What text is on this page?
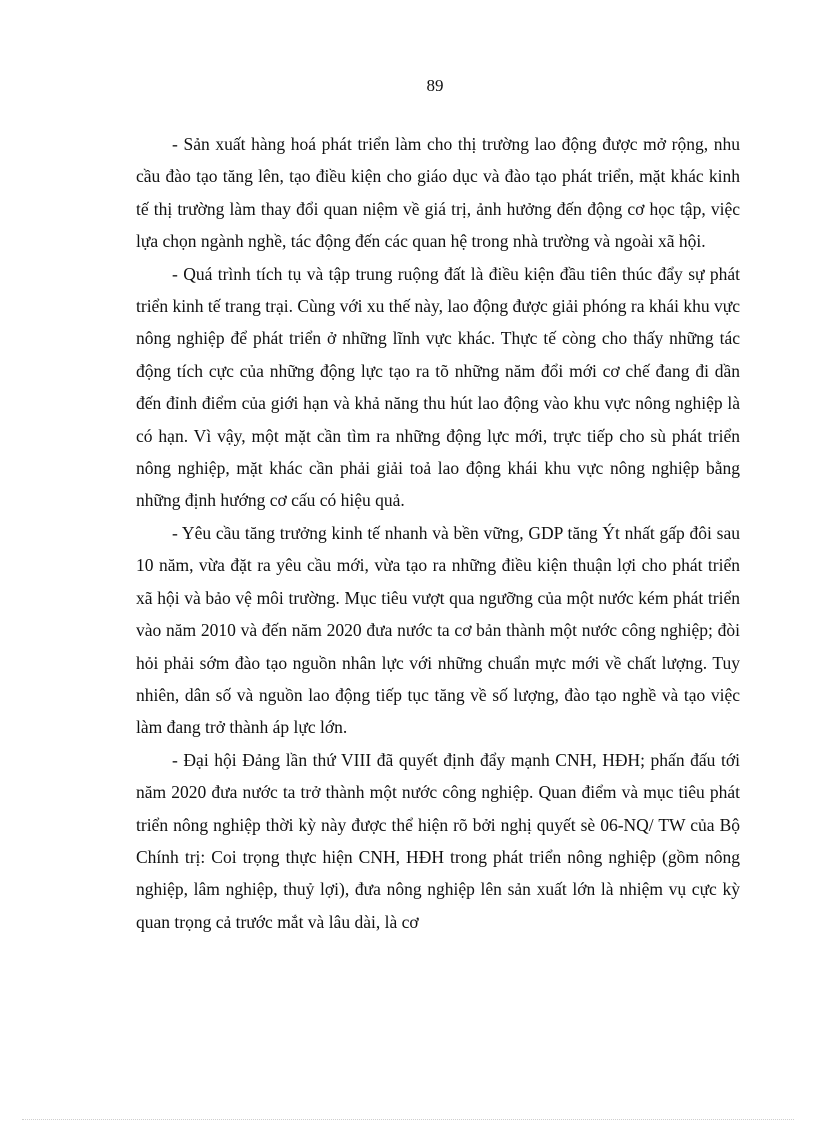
89

- Sản xuất hàng hoá phát triển làm cho thị trường lao động được mở rộng, nhu cầu đào tạo tăng lên, tạo điều kiện cho giáo dục và đào tạo phát triển, mặt khác kinh tế thị trường làm thay đổi quan niệm về giá trị, ảnh hưởng đến động cơ học tập, việc lựa chọn ngành nghề, tác động đến các quan hệ trong nhà trường và ngoài xã hội.

- Quá trình tích tụ và tập trung ruộng đất là điều kiện đầu tiên thúc đẩy sự phát triển kinh tế trang trại. Cùng với xu thế này, lao động được giải phóng ra khái khu vực nông nghiệp để phát triển ở những lĩnh vực khác. Thực tế còng cho thấy những tác động tích cực của những động lực tạo ra tõ những năm đổi mới cơ chế đang đi dần đến đỉnh điểm của giới hạn và khả năng thu hút lao động vào khu vực nông nghiệp là có hạn. Vì vậy, một mặt cần tìm ra những động lực mới, trực tiếp cho sù phát triển nông nghiệp, mặt khác cần phải giải toả lao động khái khu vực nông nghiệp bằng những định hướng cơ cấu có hiệu quả.

- Yêu cầu tăng trưởng kinh tế nhanh và bền vững, GDP tăng Ýt nhất gấp đôi sau 10 năm, vừa đặt ra yêu cầu mới, vừa tạo ra những điều kiện thuận lợi cho phát triển xã hội và bảo vệ môi trường. Mục tiêu vượt qua ngưỡng của một nước kém phát triển vào năm 2010 và đến năm 2020 đưa nước ta cơ bản thành một nước công nghiệp; đòi hỏi phải sớm đào tạo nguồn nhân lực với những chuẩn mực mới về chất lượng. Tuy nhiên, dân số và nguồn lao động tiếp tục tăng về số lượng, đào tạo nghề và tạo việc làm đang trở thành áp lực lớn.

- Đại hội Đảng lần thứ VIII đã quyết định đẩy mạnh CNH, HĐH; phấn đấu tới năm 2020 đưa nước ta trở thành một nước công nghiệp. Quan điểm và mục tiêu phát triển nông nghiệp thời kỳ này được thể hiện rõ bởi nghị quyết sè 06-NQ/ TW của Bộ Chính trị: Coi trọng thực hiện CNH, HĐH trong phát triển nông nghiệp (gồm nông nghiệp, lâm nghiệp, thuỷ lợi), đưa nông nghiệp lên sản xuất lớn là nhiệm vụ cực kỳ quan trọng cả trước mắt và lâu dài, là cơ
